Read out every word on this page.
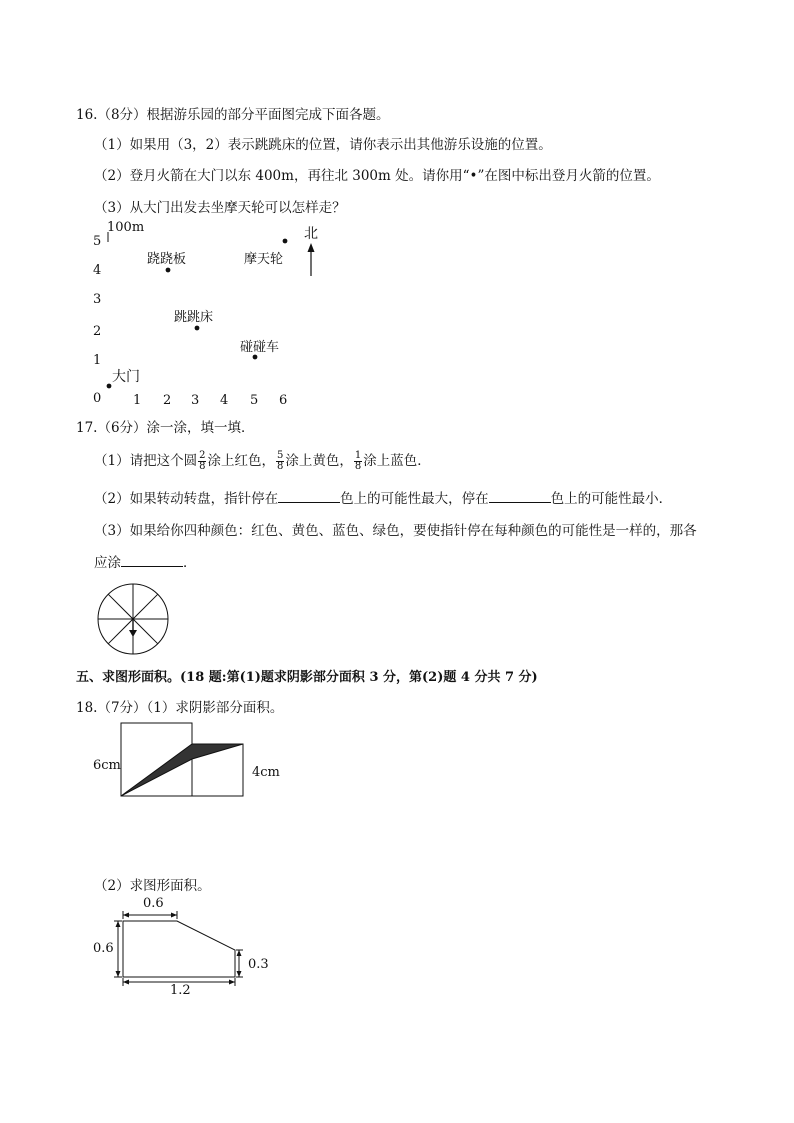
16.（8分）根据游乐园的部分平面图完成下面各题。
（1）如果用（3，2）表示跳跳床的位置，请你表示出其他游乐设施的位置。
（2）登月火箭在大门以东 400m，再往北 300m 处。请你用“•”在图中标出登月火箭的位置。
（3）从大门出发去坐摩天轮可以怎样走？
100m
5
4
3
2
1
0 1 2 3 4 5 6
跷跷板	摩天轮
跳跳床
碰碰车
大门
北
17.（6分）涂一涂，填一填．
（1）请把这个圆 $\frac{2}{8}$ 涂上红色， $\frac{5}{8}$ 涂上黄色， $\frac{1}{8}$ 涂上蓝色．
（2）如果转动转盘，指针停在	色上的可能性最大，停在	色上的可能性最小．
（3）如果给你四种颜色：红色、黄色、蓝色、绿色，要使指针停在每种颜色的可能性是一样的，那各
应涂	．
五、求图形面积。(18 题:第(1)题求阴影部分面积 3 分，第(2)题 4 分共 7 分)
18.（7分）（1）求阴影部分面积。
6cm	4cm
（2）求图形面积。
0.6
0.6
0.3
1.2
